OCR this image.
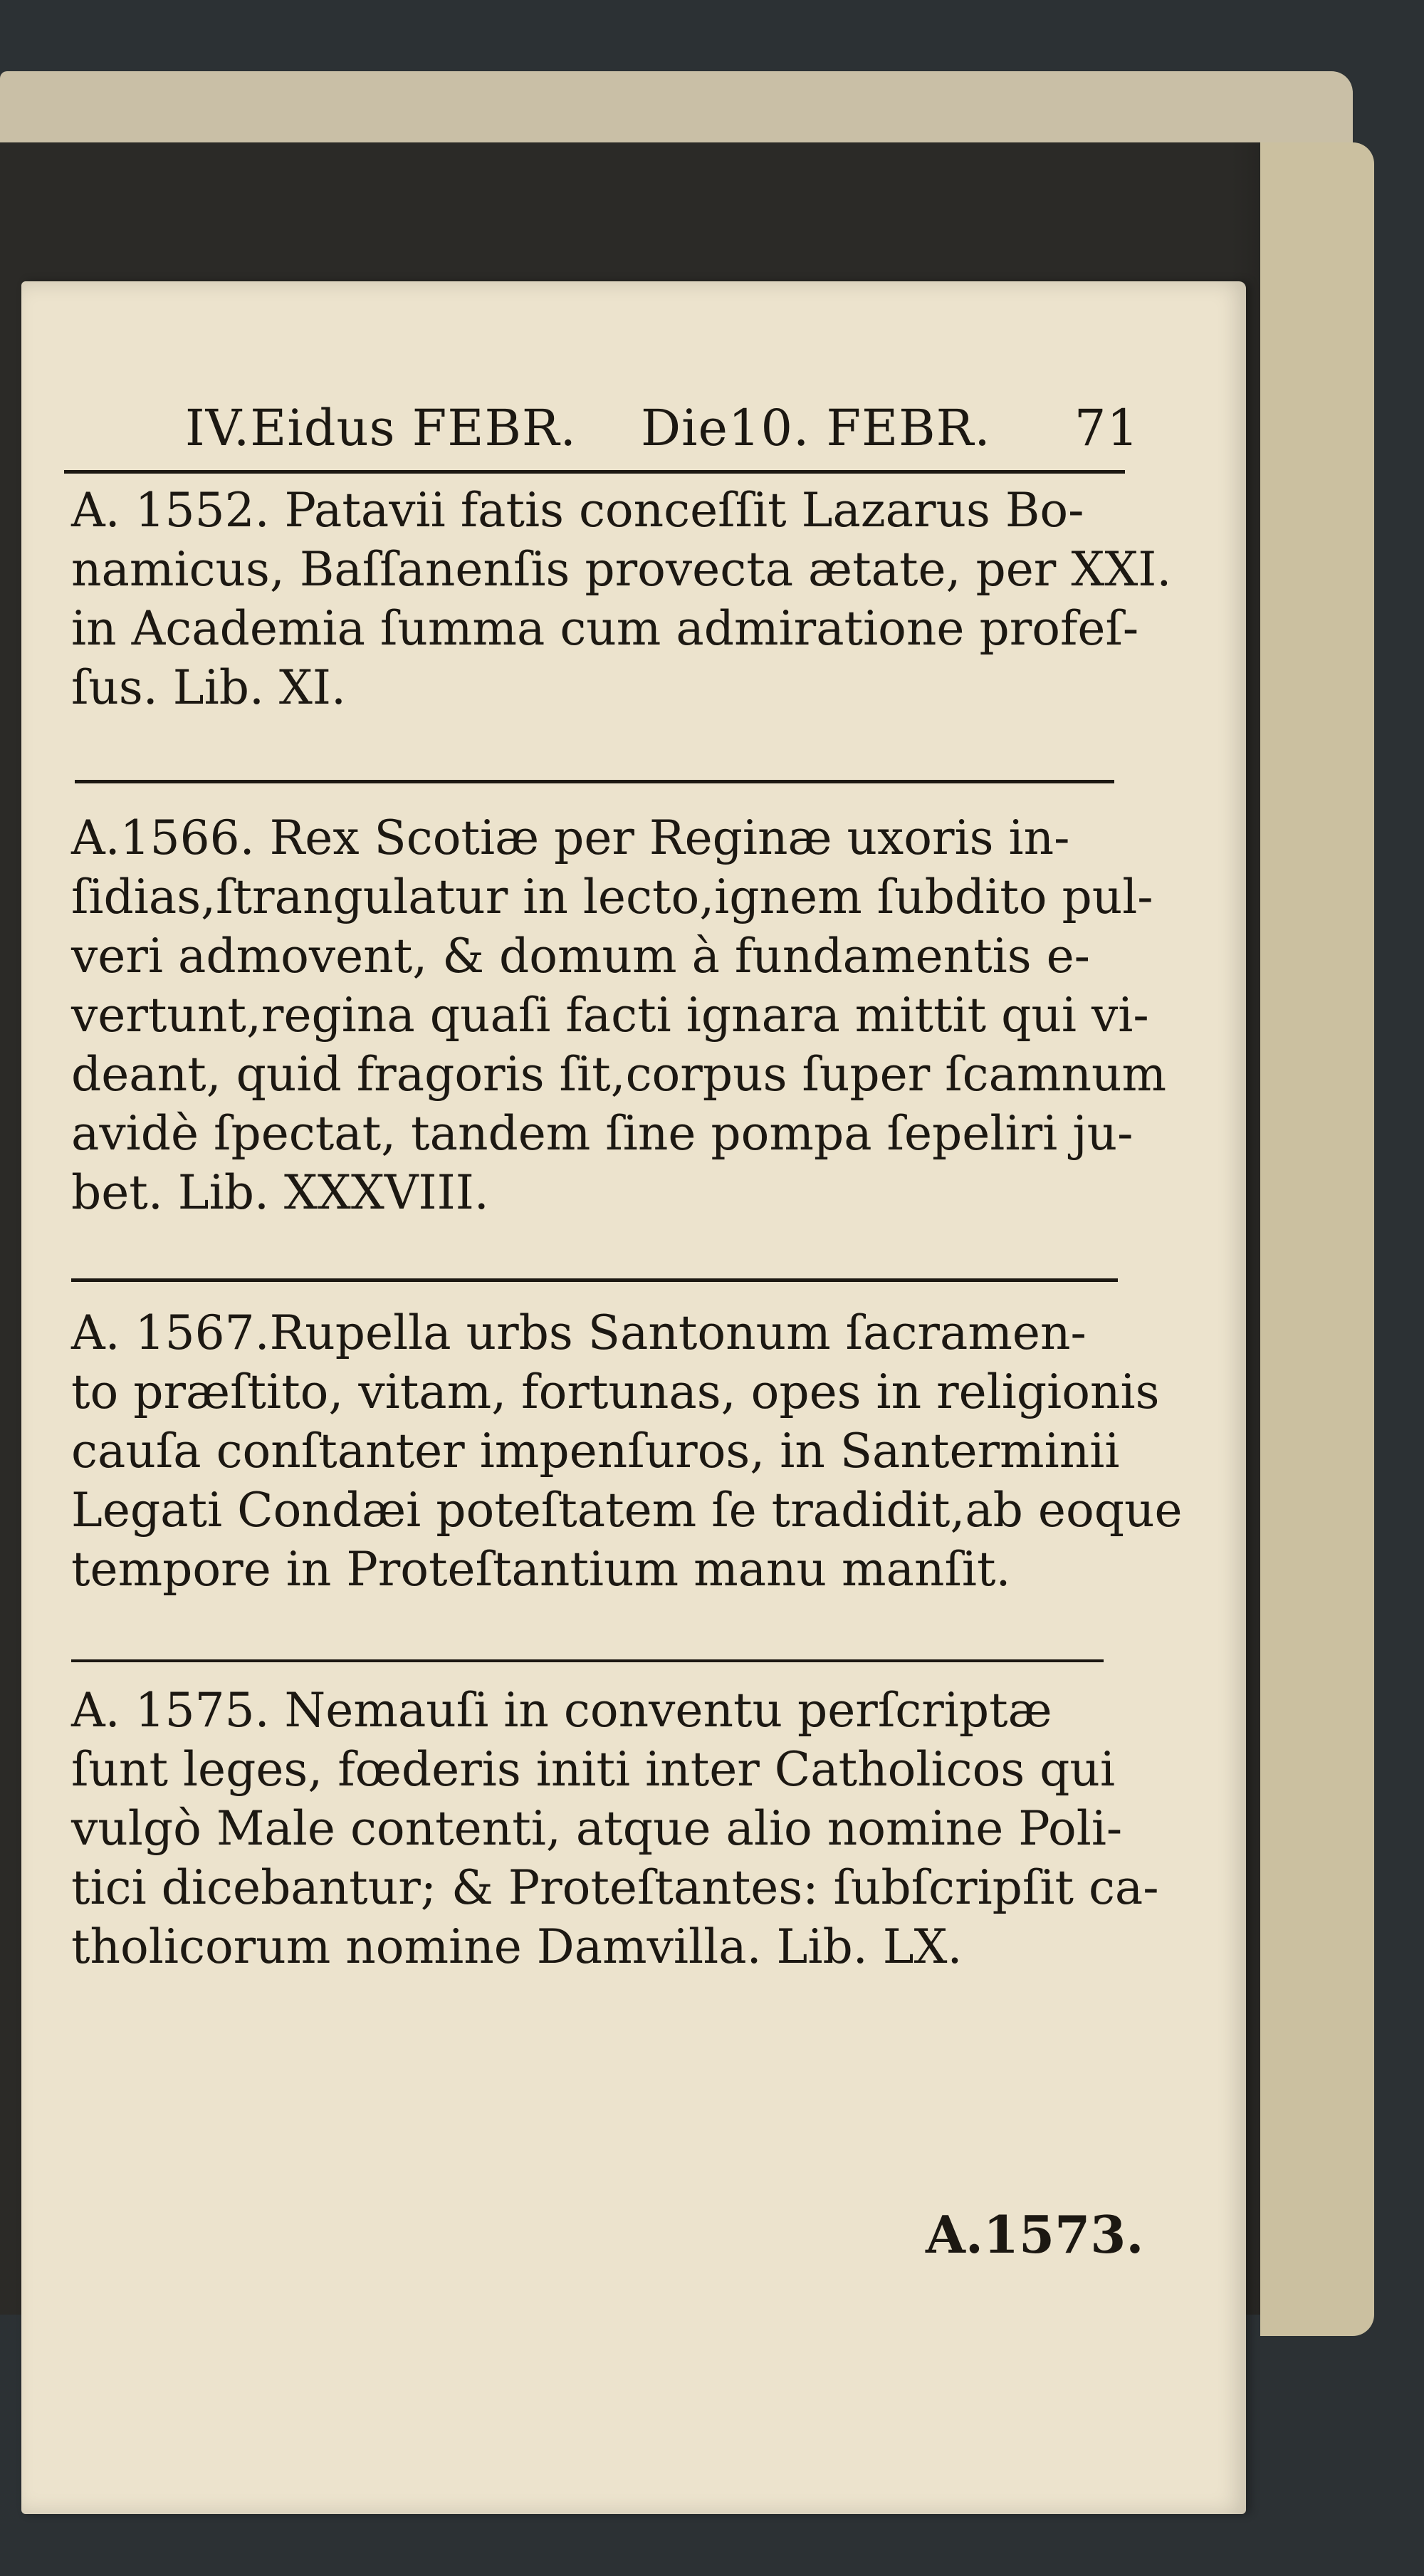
IV.Eidus FEBR. Die10. FEBR. 71
A. 1552. Patavii fatis conceſſit Lazarus Bo-
namicus, Baſſanenſis provecta ætate, per XXI.
in Academia ſumma cum admiratione profeſ-
ſus. Lib. XI.
A.1566. Rex Scotiæ per Reginæ uxoris in-
ſidias,ſtrangulatur in lecto,ignem ſubdito pul-
veri admovent, & domum à fundamentis e-
vertunt,regina quaſi facti ignara mittit qui vi-
deant, quid fragoris ſit,corpus ſuper ſcamnum
avidè ſpectat, tandem ſine pompa ſepeliri ju-
bet. Lib. XXXVIII.
A. 1567.Rupella urbs Santonum ſacramen-
to præſtito, vitam, fortunas, opes in religionis
cauſa conſtanter impenſuros, in Santerminii
Legati Condæi poteſtatem ſe tradidit,ab eoque
tempore in Proteſtantium manu manſit.
A. 1575. Nemauſi in conventu perſcriptæ
ſunt leges, fœderis initi inter Catholicos qui
vulgò Male contenti, atque alio nomine Poli-
tici dicebantur; & Proteſtantes: ſubſcripſit ca-
tholicorum nomine Damvilla. Lib. LX.
A.1573.
